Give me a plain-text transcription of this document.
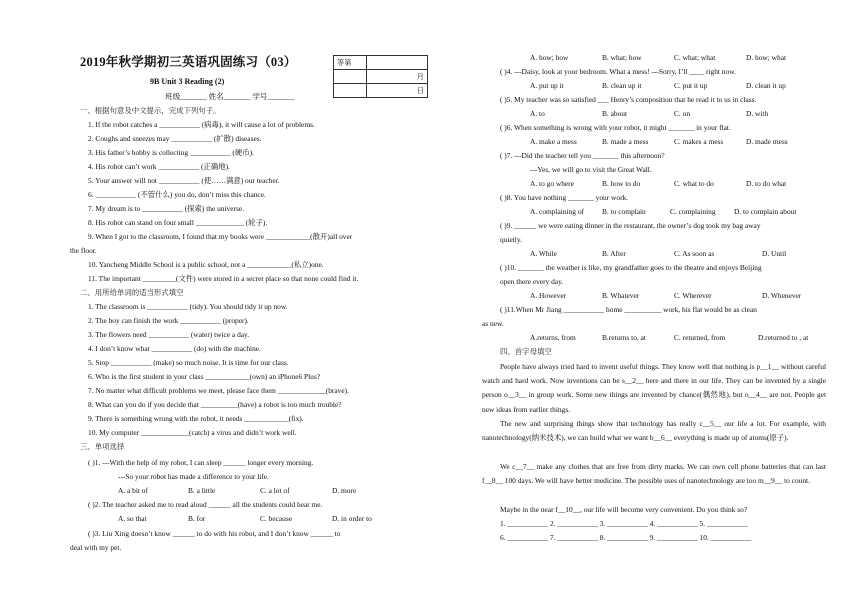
2019年秋学期初三英语巩固练习（03）	等第	
	月
	日
9B Unit 3 Reading (2)
班级_______ 姓名_______ 学号_______
一、根据句意及中文提示，完成下列句子。
1. If the robot catches a ___________ (病毒), it will cause a lot of problems.
2. Coughs and sneezes may ___________ (扩散) diseases.
3. His father’s hobby is collecting ___________ (硬币).
4. His robot can’t work ___________ (正确地).
5. Your answer will not ___________ (使……满意) our teacher.
6. ___________ (不管什么) you do, don’t miss this chance.
7. My dream is to ___________ (探索) the universe.
8. His robot can stand on four small _____________ (轮子).
9. When I got to the classroom, I found that my books were ____________(散开)all over
the floor.
10. Yancheng Middle School is a public school, not a ____________(私立)one.
11. The important _________(文件) were stored in a secret place so that none could find it.
二、用所给单词的适当形式填空
1. The classroom is ___________ (tidy). You should tidy it up now.
2. The boy can finish the work ___________ (proper).
3. The flowers need ___________ (water) twice a day.
4. I don’t know what ___________ (do) with the machine.
5. Stop ___________ (make) so much noise. It is time for our class.
6. Who is the first student in your class ____________(own) an iPhone6 Plus?
7. No matter what difficult problems we meet, please face them _____________(brave).
8. What can you do if you decide that __________(have) a robot is too much trouble?
9. There is something wrong with the robot, it needs ____________(fix).
10. My computer _____________(catch) a virus and didn’t work well.
三、单项选择
( )1. ---With the help of my robot, I can sleep ______ longer every morning.
---So your robot has made a difference to your life.
A. a bit of	B. a little	C. a lot of	D. more
( )2. The teacher asked me to read aloud ______ all the students could hear me.
A. so that	B. for	C. because	D. in order to
( )3. Liu Xing doesn’t know ______ to do with his robot, and I don’t know ______ to
deal with my pet.
A. how; how	B. what; how	C. what; what	D. how; what
( )4. ---Daisy, look at your bedroom. What a mess! ---Sorry, I’ll ____ right now.
A. put up it	B. clean up it	C. put it up	D. clean it up
( )5. My teacher was so satisfied ___ Henry’s composition that he read it to us in class.
A. to	B. about	C. on	D. with
( )6. When something is wrong with your robot, it might _______ in your flat.
A. make a mess	B. made a mess	C. makes a mess	D. made mess
( )7. ---Did the teacher tell you _______ this afternoon?
---Yes, we will go to visit the Great Wall.
A. to go where	B. how to do	C. what to do	D. to do what
( )8. You have nothing _______ your work.
A. complaining of B. to complain	C. complaining D. to complain about
( )9. ______ we were eating dinner in the restaurant, the owner’s dog took my bag away
quietly.
A. While	B. After	C. As soon as	D. Until
( )10. _______ the weather is like, my grandfather goes to the theatre and enjoys Beijing
open there every day.
A. However	B. Whatever	C. Wherever	D. Whenever
( )11.When Mr Jiang ___________ home __________ work, his flat would be as clean
as new.
A.returns, from	B.returns to, at	C. returned, from	D.returned to , at
四、首字母填空
People have always tried hard to invent useful things. They know well that nothing is p__1__ without careful watch and hard work. Now inventions can be s__2__ here and there in our life. They can be invented by a single person o__3__ in group work. Some new things are invented by chance(偶然地), but o__4__ are not. People get new ideas from earlier things.
The new and surprising things show that technology has really c__5__ our life a lot. For example, with nanotechnology(纳米技术), we can build what we want b__6__ everything is made up of atoms(原子).
We c__7__ make any clothes that are free from dirty marks. We can own cell phone batteries that can last f__8__ 100 days. We will have better medicine. The possible uses of nanotechnology are too m__9__ to count.
Maybe in the near f__10__, our life will become very convenient. Do you think so?
1. ___________ 2. ___________ 3. ___________ 4. ___________ 5. ___________
6. ___________ 7. ___________ 8. ___________ 9. ___________ 10. ___________
